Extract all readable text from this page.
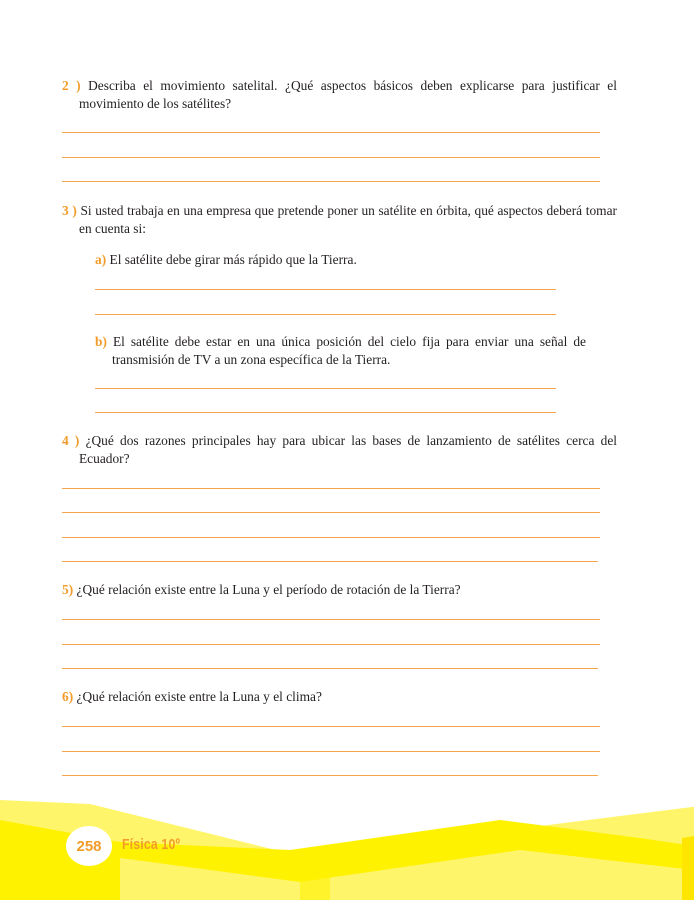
2 ) Describa el movimiento satelital. ¿Qué aspectos básicos deben explicarse para justificar el movimiento de los satélites?
3 ) Si usted trabaja en una empresa que pretende poner un satélite en órbita, qué aspectos deberá tomar en cuenta si:
a) El satélite debe girar más rápido que la Tierra.
b) El satélite debe estar en una única posición del cielo fija para enviar una señal de transmisión de TV a un zona específica de la Tierra.
4 ) ¿Qué dos razones principales hay para ubicar las bases de lanzamiento de satélites cerca del Ecuador?
5) ¿Qué relación existe entre la Luna y el período de rotación de la Tierra?
6) ¿Qué relación existe entre la Luna y el clima?
258	Física 10º
